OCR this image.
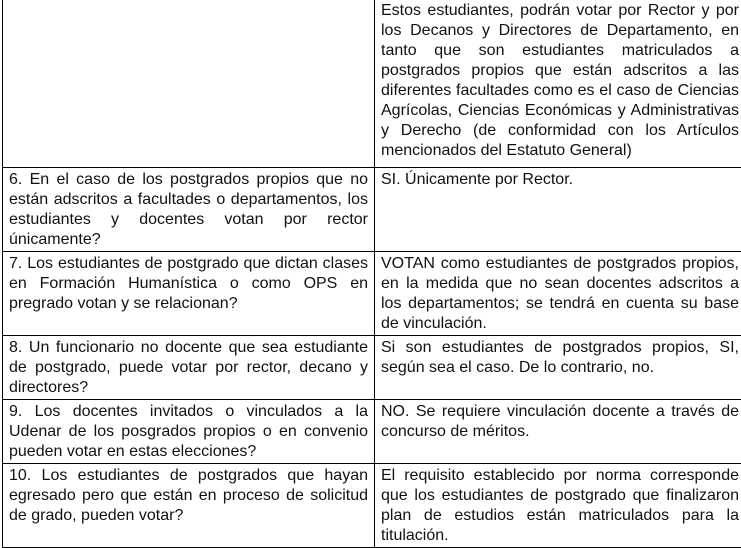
	Estos estudiantes, podrán votar por Rector y por los Decanos y Directores de Departamento, en tanto que son estudiantes matriculados a postgrados propios que están adscritos a las diferentes facultades como es el caso de Ciencias Agrícolas, Ciencias Económicas y Administrativas y Derecho (de conformidad con los Artículos mencionados del Estatuto General)

6. En el caso de los postgrados propios que no están adscritos a facultades o departamentos, los estudiantes y docentes votan por rector únicamente?	SI. Únicamente por Rector.

7. Los estudiantes de postgrado que dictan clases en Formación Humanística o como OPS en pregrado votan y se relacionan?	VOTAN como estudiantes de postgrados propios, en la medida que no sean docentes adscritos a los departamentos; se tendrá en cuenta su base de vinculación.

8. Un funcionario no docente que sea estudiante de postgrado, puede votar por rector, decano y directores?	Si son estudiantes de postgrados propios, SI, según sea el caso. De lo contrario, no.

9. Los docentes invitados o vinculados a la Udenar de los posgrados propios o en convenio pueden votar en estas elecciones?	NO. Se requiere vinculación docente a través de concurso de méritos.

10. Los estudiantes de postgrados que hayan egresado pero que están en proceso de solicitud de grado, pueden votar?	El requisito establecido por norma corresponde que los estudiantes de postgrado que finalizaron plan de estudios están matriculados para la titulación.
